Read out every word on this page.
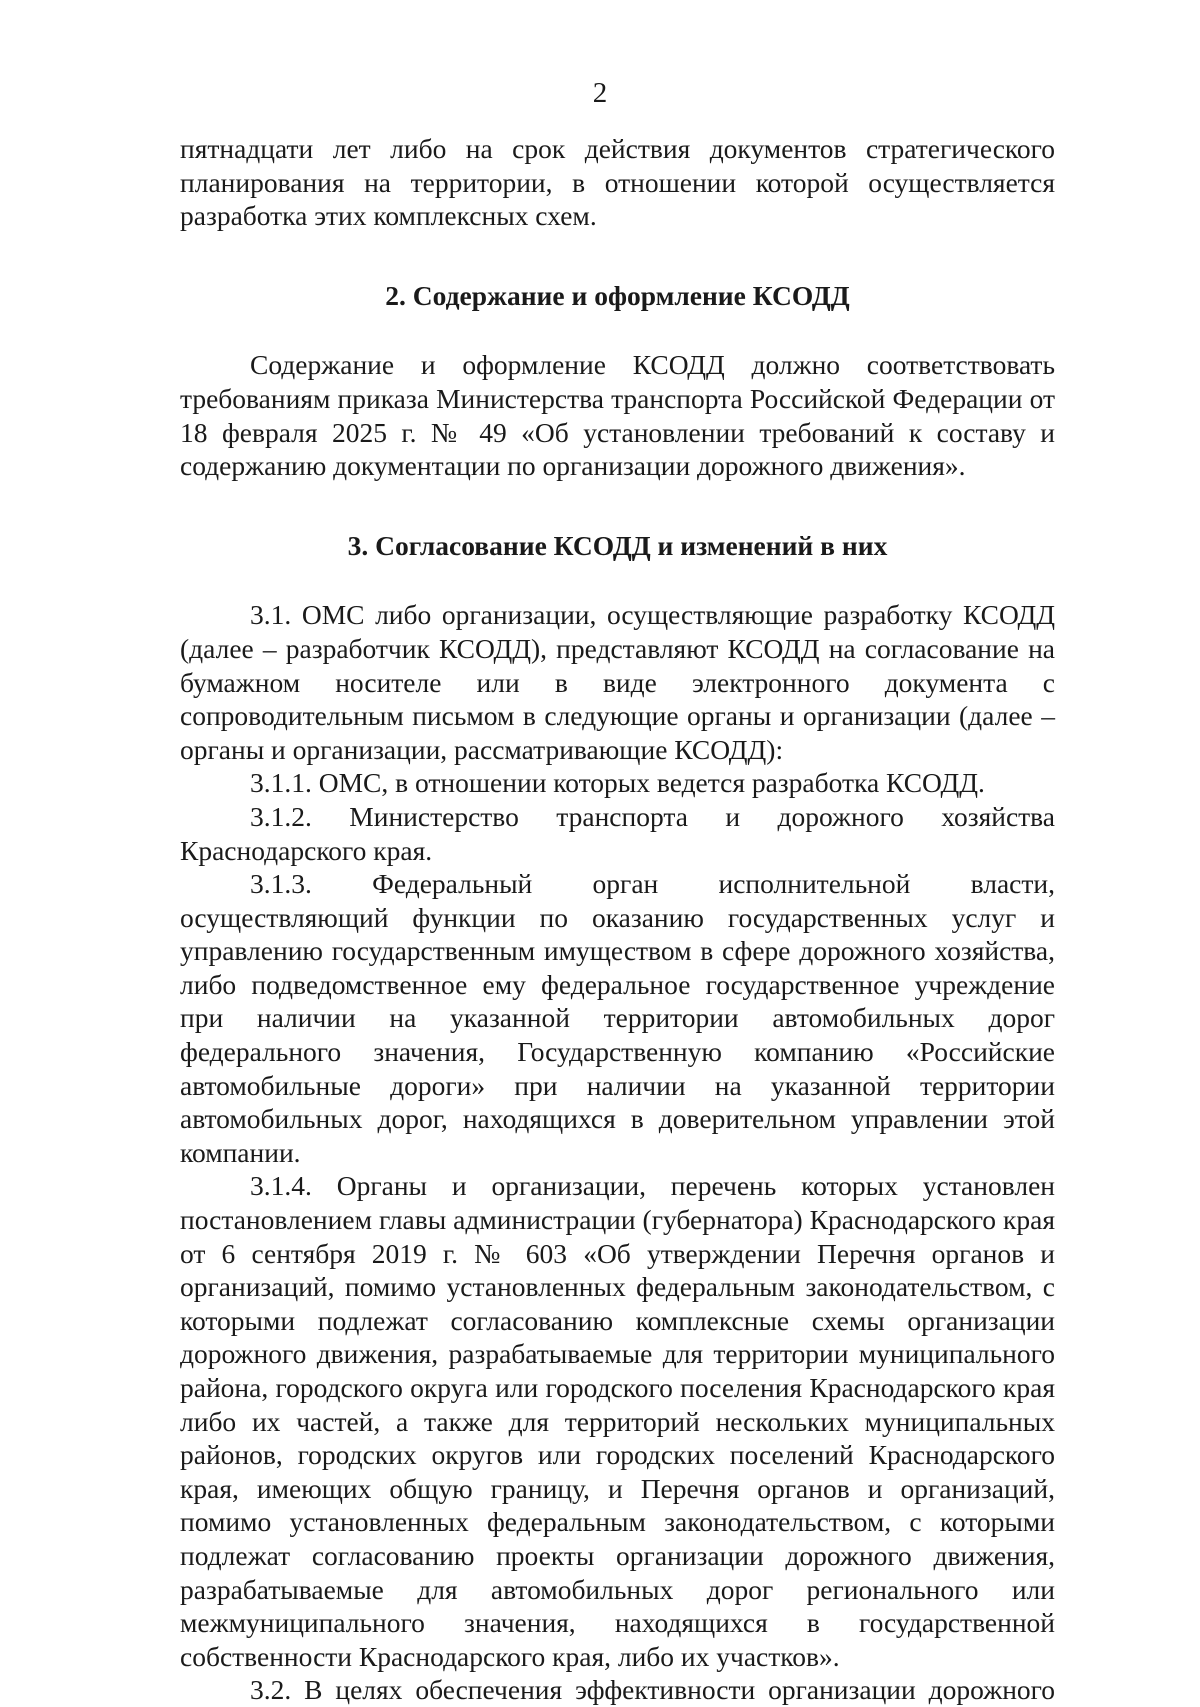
2

пятнадцати лет либо на срок действия документов стратегического планирования на территории, в отношении которой осуществляется разработка этих комплексных схем.

2. Содержание и оформление КСОДД

Содержание и оформление КСОДД должно соответствовать требованиям приказа Министерства транспорта Российской Федерации от 18 февраля 2025 г. № 49 «Об установлении требований к составу и содержанию документации по организации дорожного движения».

3. Согласование КСОДД и изменений в них

3.1. ОМС либо организации, осуществляющие разработку КСОДД (далее – разработчик КСОДД), представляют КСОДД на согласование на бумажном носителе или в виде электронного документа с сопроводительным письмом в следующие органы и организации (далее – органы и организации, рассматривающие КСОДД):

3.1.1. ОМС, в отношении которых ведется разработка КСОДД.

3.1.2. Министерство транспорта и дорожного хозяйства Краснодарского края.

3.1.3. Федеральный орган исполнительной власти, осуществляющий функции по оказанию государственных услуг и управлению государственным имуществом в сфере дорожного хозяйства, либо подведомственное ему федеральное государственное учреждение при наличии на указанной территории автомобильных дорог федерального значения, Государственную компанию «Российские автомобильные дороги» при наличии на указанной территории автомобильных дорог, находящихся в доверительном управлении этой компании.

3.1.4. Органы и организации, перечень которых установлен постановлением главы администрации (губернатора) Краснодарского края от 6 сентября 2019 г. № 603 «Об утверждении Перечня органов и организаций, помимо установленных федеральным законодательством, с которыми подлежат согласованию комплексные схемы организации дорожного движения, разрабатываемые для территории муниципального района, городского округа или городского поселения Краснодарского края либо их частей, а также для территорий нескольких муниципальных районов, городских округов или городских поселений Краснодарского края, имеющих общую границу, и Перечня органов и организаций, помимо установленных федеральным законодательством, с которыми подлежат согласованию проекты организации дорожного движения, разрабатываемые для автомобильных дорог регионального или межмуниципального значения, находящихся в государственной собственности Краснодарского края, либо их участков».

3.2. В целях обеспечения эффективности организации дорожного
